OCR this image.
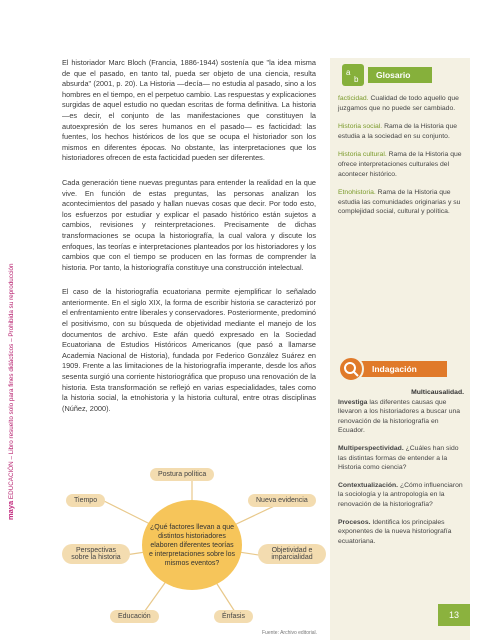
maya EDUCACIÓN – Libro resuelto solo para fines didácticos – Prohibida su reproducción

El historiador Marc Bloch (Francia, 1886-1944) sostenía que "la idea misma de que el pasado, en tanto tal, pueda ser objeto de una ciencia, resulta absurda" (2001, p. 20). La Historia —decía— no estudia al pasado, sino a los hombres en el tiempo, en el perpetuo cambio. Las respuestas y explicaciones surgidas de aquel estudio no quedan escritas de forma definitiva. La historia —es decir, el conjunto de las manifestaciones que constituyen la autoexpresión de los seres humanos en el pasado— es facticidad: las fuentes, los hechos históricos de los que se ocupa el historiador son los mismos en diferentes épocas. No obstante, las interpretaciones que los historiadores ofrecen de esta facticidad pueden ser diferentes.

Cada generación tiene nuevas preguntas para entender la realidad en la que vive. En función de estas preguntas, las personas analizan los acontecimientos del pasado y hallan nuevas cosas que decir. Por todo esto, los esfuerzos por estudiar y explicar el pasado histórico están sujetos a cambios, revisiones y reinterpretaciones. Precisamente de dichas transformaciones se ocupa la historiografía, la cual valora y discute los enfoques, las teorías e interpretaciones planteados por los historiadores y los cambios que con el tiempo se producen en las formas de comprender la historia. Por tanto, la historiografía constituye una construcción intelectual.

El caso de la historiografía ecuatoriana permite ejemplificar lo señalado anteriormente. En el siglo XIX, la forma de escribir historia se caracterizó por el enfrentamiento entre liberales y conservadores. Posteriormente, predominó el positivismo, con su búsqueda de objetividad mediante el manejo de los documentos de archivo. Este afán quedó expresado en la Sociedad Ecuatoriana de Estudios Históricos Americanos (que pasó a llamarse Academia Nacional de Historia), fundada por Federico González Suárez en 1909. Frente a las limitaciones de la historiografía imperante, desde los años sesenta surgió una corriente historiográfica que propuso una renovación de la historia. Esta transformación se reflejó en varias especialidades, tales como la historia social, la etnohistoria y la historia cultural, entre otras disciplinas (Núñez, 2000).

¿Qué factores llevan a que distintos historiadores elaboren diferentes teorías e interpretaciones sobre los mismos eventos?
Postura política
Tiempo	Nueva evidencia
Perspectivas sobre la historia
Objetividad e imparcialidad
Educación	Énfasis
Fuente: Archivo editorial.
a
b	Glosario

facticidad. Cualidad de todo aquello que juzgamos que no puede ser cambiado.

Historia social. Rama de la Historia que estudia a la sociedad en su conjunto.

Historia cultural. Rama de la Historia que ofrece interpretaciones culturales del acontecer histórico.

Etnohistoria. Rama de la Historia que estudia las comunidades originarias y su complejidad social, cultural y política.

Indagación

Multicausalidad.
Investiga las diferentes causas que llevaron a los historiadores a buscar una renovación de la historiografía en Ecuador.

Multiperspectividad. ¿Cuáles han sido las distintas formas de entender a la Historia como ciencia?

Contextualización. ¿Cómo influenciaron la sociología y la antropología en la renovación de la historiografía?

Procesos. Identifica los principales exponentes de la nueva historiografía ecuatoriana.

13
